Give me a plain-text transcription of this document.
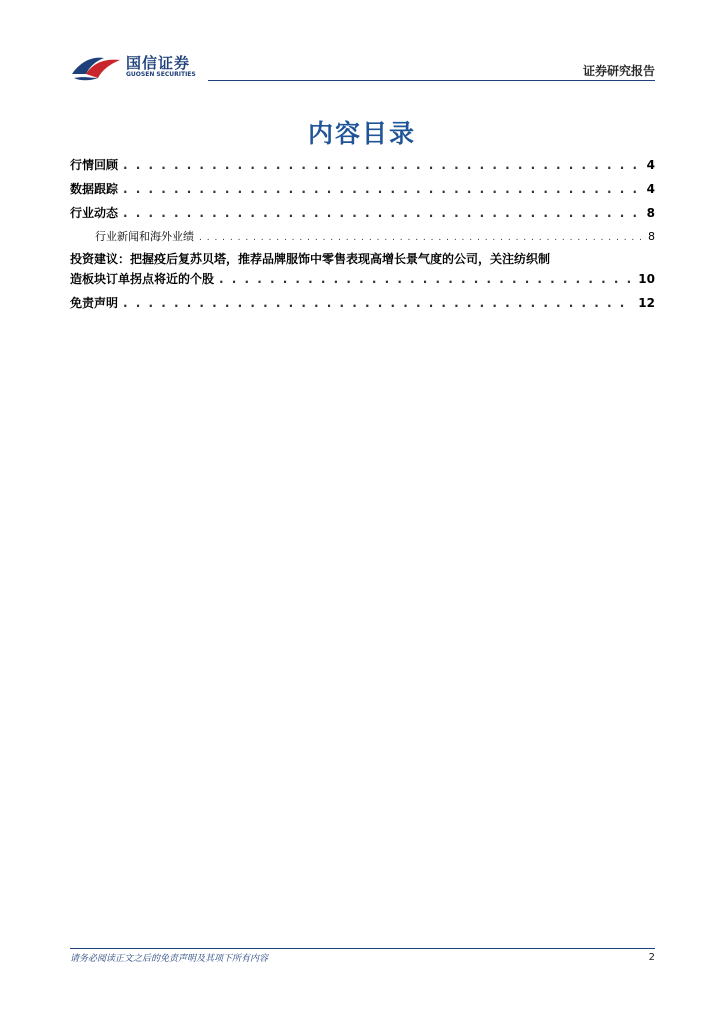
国信证券
GUOSEN SECURITIES	证券研究报告
内容目录
行情回顾 . . .	4
数据跟踪 . . .	4
行业动态 . . .	8
行业新闻和海外业绩 . . .	8
投资建议：把握疫后复苏贝塔，推荐品牌服饰中零售表现高增长景气度的公司，关注纺织制
造板块订单拐点将近的个股 . . .	10
免责声明 . . .	12
请务必阅读正文之后的免责声明及其项下所有内容	2
